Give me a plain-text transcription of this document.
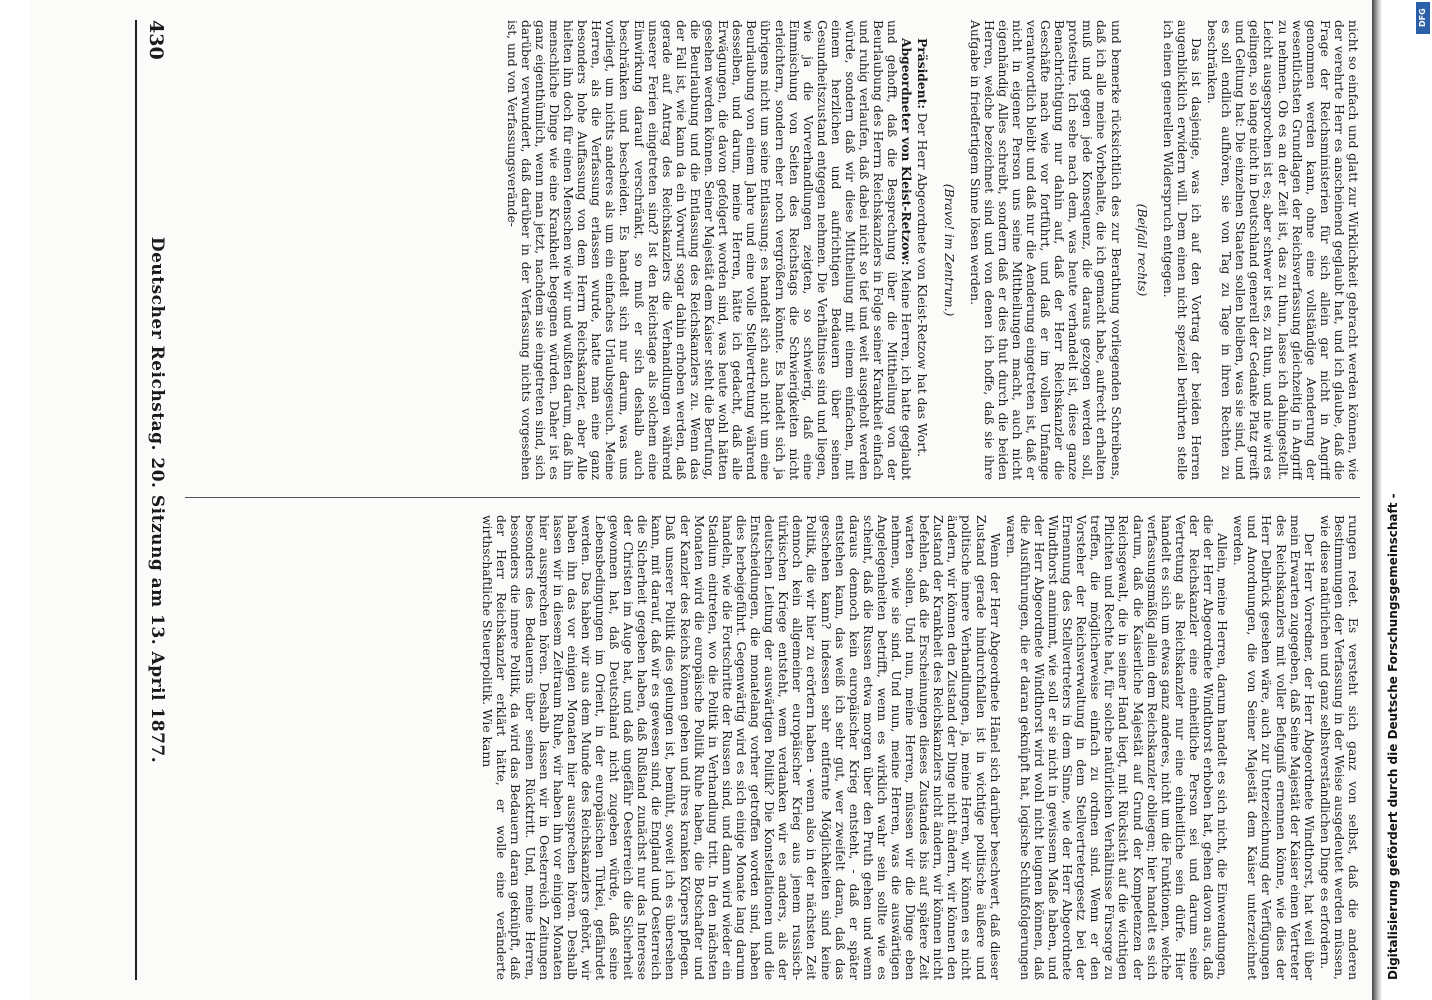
430
Deutscher Reichstag. 20. Sitzung am 13. April 1877.	nicht so einfach und glatt zur Wirklichkeit gebracht werden können, wie der verehrte Herr es anscheinend geglaubt hat, und ich glaube, daß die Frage der Reichsministerien für sich allein gar nicht in Angriff genommen werden kann, ohne eine vollständige Aenderung der wesentlichsten Grundlagen der Reichsverfassung gleichzeitig in Angriff zu nehmen. Ob es an der Zeit ist, das zu thun, lasse ich dahingestellt. Leicht ausgesprochen ist es; aber schwer ist es, zu thun, und nie wird es gelingen, so lange nicht in Deutschland generell der Gedanke Platz greift und Geltung hat: Die einzelnen Staaten sollen bleiben, was sie sind, und es soll endlich aufhören, sie von Tag zu Tage in ihren Rechten zu beschränken.

Das ist dasjenige, was ich auf den Vortrag der beiden Herren augenblicklich erwidern will. Dem einen nicht speziell berührten stelle ich einen generellen Widerspruch entgegen.

(Beifall rechts)

und bemerke rücksichtlich des zur Berathung vorliegenden Schreibens, daß ich alle meine Vorbehalte, die ich gemacht habe, aufrecht erhalten muß und gegen jede Konsequenz, die daraus gezogen werden soll, protestire. Ich sehe nach dem, was heute verhandelt ist, diese ganze Benachrichtigung nur dahin auf, daß der Herr Reichskanzler die Geschäfte nach wie vor fortführt, und daß er im vollen Umfange verantwortlich bleibt und daß nur die Aenderung eingetreten ist, daß er nicht in eigener Person uns seine Mittheilungen macht, auch nicht eigenhändig Alles schreibt, sondern daß er dies thut durch die beiden Herren, welche bezeichnet sind und von denen ich hoffe, daß sie ihre Aufgabe in friedfertigem Sinne lösen werden.

(Bravo! im Zentrum.)

Präsident: Der Herr Abgeordnete von Kleist-Retzow hat das Wort.

Abgeordneter von Kleist-Retzow: Meine Herren, ich hatte geglaubt und gehofft, daß die Besprechung über die Mittheilung von der Beurlaubung des Herrn Reichskanzlers in Folge seiner Krankheit einfach und ruhig verlaufen, daß dabei nicht so tief und weit ausgeholt werden würde, sondern daß wir diese Mittheilung mit einem einfachen, mit einem herzlichen und aufrichtigen Bedauern über seinen Gesundheitszustand entgegen nehmen. Die Verhältnisse sind und liegen, wie ja die Vorverhandlungen zeigten, so schwierig, daß eine Einmischung von Seiten des Reichstags die Schwierigkeiten nicht erleichtern, sondern eher noch vergrößern könnte. Es handelt sich ja übrigens nicht um seine Entlassung; es handelt sich auch nicht um eine Beurlaubung von einem Jahre und eine volle Stellvertretung während desselben, und darum, meine Herren, hätte ich gedacht, daß alle Erwägungen, die davon gefolgert worden sind, was heute wohl hätten gesehen werden können. Seiner Majestät dem Kaiser steht die Berufung, die Beurlaubung und die Entlassung des Reichskanzlers zu. Wenn das der Fall ist, wie kann da ein Vorwurf sogar dahin erhoben werden, daß gerade auf Antrag des Reichskanzlers die Verhandlungen während unserer Ferien eingetreten sind? Ist den Reichstage als solchem eine Einwirkung darauf verschränkt, so muß er sich deshalb auch beschränken und bescheiden. Es handelt sich nur darum, was uns vorliegt, um nichts anderes als um ein einfaches Urlaubsgesuch. Meine Herren, als die Verfassung erlassen wurde, hatte man eine ganz besonders hohe Auffassung von dem Herrn Reichskanzler, aber Alle hielten ihn doch für einen Menschen wie wir und wußten darum, daß ihn menschliche Dinge wie eine Krankheit begegnen würden. Daher ist es ganz eigenthümlich, wenn man jetzt, nachdem sie eingetreten sind, sich darüber verwundert, daß darüber in der Verfassung nichts vorgesehen ist, und von Verfassungsverände-

rungen redet. Es versteht sich ganz von selbst, daß die anderen Bestimmungen der Verfassung in der Weise ausgedeutet werden müssen, wie diese natürlichen und ganz selbstverständlichen Dinge es erfordern.

Der Herr Vorredner, der Herr Abgeordnete Windthorst, hat weil über mein Erwarten zugegeben, daß Seine Majestät der Kaiser einen Vertreter des Reichskanzlers mit voller Befugniß ernennen könne, wie dies der Herr Delbrück gesehen wäre, auch zur Unterzeichnung der Verfügungen und Anordnungen, die von Seiner Majestät dem Kaiser unterzeichnet werden.

Allein, meine Herren, darum handelt es sich nicht, die Einwendungen, die der Herr Abgeordnete Windthorst erhoben hat, gehen davon aus, daß der Reichskanzler eine einheitliche Person sei und darum seine Vertretung als Reichskanzler nur eine einheitliche sein dürfe. Hier handelt es sich um etwas ganz anderes, nicht um die Funktionen, welche verfassungsmäßig allein dem Reichskanzler obliegen; hier handelt es sich darum, daß die Kaiserliche Majestät auf Grund der Kompetenzen der Reichsgewalt, die in seiner Hand liegt, mit Rücksicht auf die wichtigen Pflichten und Rechte hat, für solche natürlichen Verhältnisse Fürsorge zu treffen, die möglicherweise einfach zu ordnen sind. Wenn er den Vorsteher der Reichsverwaltung in dem Stellvertretergesetz bei der Ernennung des Stellvertreters in dem Sinne, wie der Herr Abgeordnete Windthorst annimmt, wie soll er sie nicht in gewissem Maße haben, und der Herr Abgeordnete Windthorst wird wohl nicht leugnen können, daß die Ausführungen, die er daran geknüpft hat, logische Schlußfolgerungen waren.

Wenn der Herr Abgeordnete Hänel sich darüber beschwert, daß dieser Zustand gerade hindurchfallen ist in wichtige politische äußere und politische innere Verhandlungen, ja, meine Herren, wir können es nicht ändern, wir können den Zustand der Dinge nicht ändern, wir können den Zustand der Krankheit des Reichskanzlers nicht ändern, wir können nicht befehlen, daß die Erscheinungen dieses Zustandes bis auf spätere Zeit warten sollen. Und nun, meine Herren, müssen wir die Dinge eben nehmen, wie sie sind. Und nun, meine Herren, was die auswärtigen Angelegenheiten betrifft, wenn es wirklich wahr sein sollte wie es scheint, daß die Russen etwa morgen über den Pruth gehen und wenn daraus dennoch kein europäischer Krieg entsteht, - daß er später entstehen kann, das weiß ich sehr gut, wer zweifelt daran, daß das geschehen kann? indessen sehr entfernte Möglichkeiten sind keine Politik, die wir hier zu erörtern haben - wenn also in der nächsten Zeit dennoch kein allgemeiner europäischer Krieg aus jenem russisch-türkischen Kriege entsteht, wem verdanken wir es anders, als der deutschen Leitung der auswärtigen Politik? Die Konstellationen und die Entscheidungen, die monatelang vorher getroffen worden sind, haben dies herbeigeführt. Gegenwärtig wird es sich einige Monate lang darum handeln, wie die Fortschritte der Russen sind, und dann wird wieder ein Stadium eintreten, wo die Politik in Verhandlung tritt. In den nächsten Monaten wird die europäische Politik Ruhe haben, die Botschafter und der Kanzler des Reichs können gehen und ihres kranken Körpers pflegen. Daß unserer Politik dies gelungen ist, bemüht, soweit ich es übersehen kann, mit darauf, daß wir es gewesen sind, die England und Oesterreich die Sicherheit gegeben haben, daß Rußland zunächst nur das Interesse der Christen im Auge hat, und daß ungefähr Oesterreich die Sicherheit gewonnen hat, daß Deutschland nicht zugeben würde, daß seine Lebensbedingungen im Orient, in der europäischen Türkei, gefährdet werden. Das haben wir aus dem Munde des Reichskanzlers gehört, wir haben ihn das vor einigen Monaten hier aussprechen hören. Deshalb lassen wir in diesem Zeitraum Ruhe, wir haben ihn vor einigen Monaten hier aussprechen hören. Deshalb lassen wir in Oesterreich Zeitungen besonders des Bedauerns über seinen Rücktritt. Und, meine Herren, besonders die innere Politik, da wird das Bedauern daran geknüpft, daß der Herr Reichskanzler erklärt hätte, er wolle eine veränderte wirthschaftliche Steuerpolitik. Wie kann	Digitalisierung gefördert durch die Deutsche Forschungsgemeinschaft -
DFG
